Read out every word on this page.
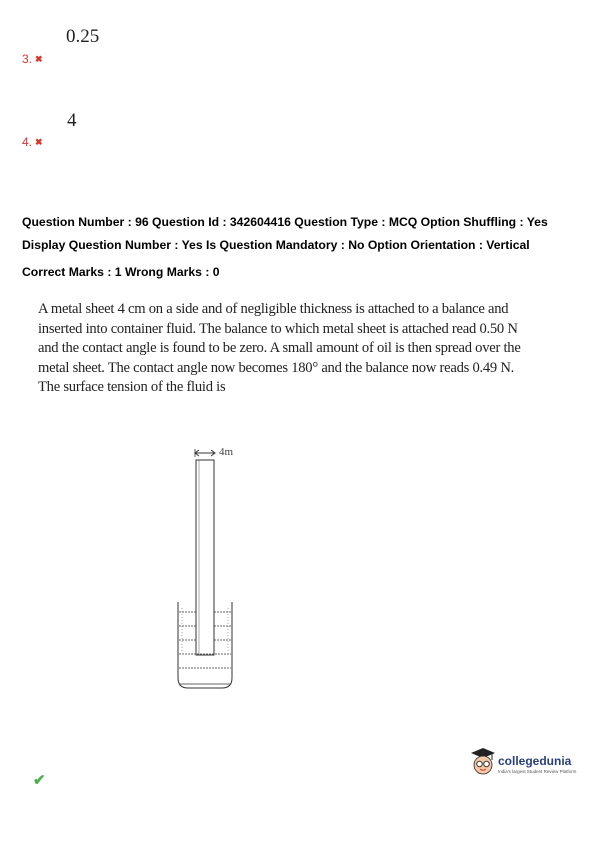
0.25
3. ✖
4
4. ✖
Question Number : 96 Question Id : 342604416 Question Type : MCQ Option Shuffling : Yes
Display Question Number : Yes Is Question Mandatory : No Option Orientation : Vertical
Correct Marks : 1 Wrong Marks : 0
A metal sheet 4 cm on a side and of negligible thickness is attached to a balance and
inserted into container fluid. The balance to which metal sheet is attached read 0.50 N
and the contact angle is found to be zero. A small amount of oil is then spread over the
metal sheet. The contact angle now becomes 180° and the balance now reads 0.49 N.
The surface tension of the fluid is
4m
collegedunia
India's largest Student Review Platform
✔
